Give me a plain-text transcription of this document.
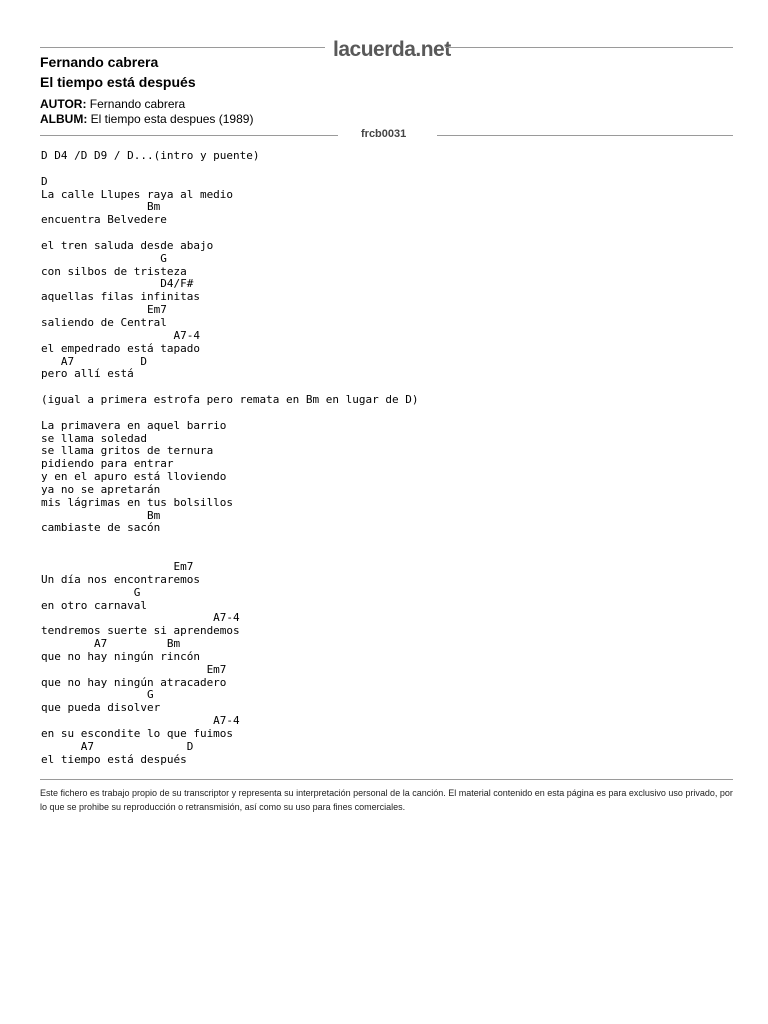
lacuerda.net
Fernando cabrera
El tiempo está después
AUTOR: Fernando cabrera
ALBUM: El tiempo esta despues (1989)
frcb0031
D D4 /D D9 / D...(intro y puente)

D
La calle Llupes raya al medio
Bm
encuentra Belvedere

el tren saluda desde abajo
G
con silbos de tristeza
D4/F#
aquellas filas infinitas
Em7
saliendo de Central
A7-4
el empedrado está tapado
A7          D
pero allí está

(igual a primera estrofa pero remata en Bm en lugar de D)

La primavera en aquel barrio
se llama soledad
se llama gritos de ternura
pidiendo para entrar
y en el apuro está lloviendo
ya no se apretarán
mis lágrimas en tus bolsillos
Bm
cambiaste de sacón

Em7
Un día nos encontraremos
G
en otro carnaval
A7-4
tendremos suerte si aprendemos
A7         Bm
que no hay ningún rincón
Em7
que no hay ningún atracadero
G
que pueda disolver
A7-4
en su escondite lo que fuimos
A7              D
el tiempo está después

Este fichero es trabajo propio de su transcriptor y representa su interpretación personal de la canción. El material contenido en esta página es para exclusivo uso privado, por lo que se prohibe su reproducción o retransmisión, así como su uso para fines comerciales.
